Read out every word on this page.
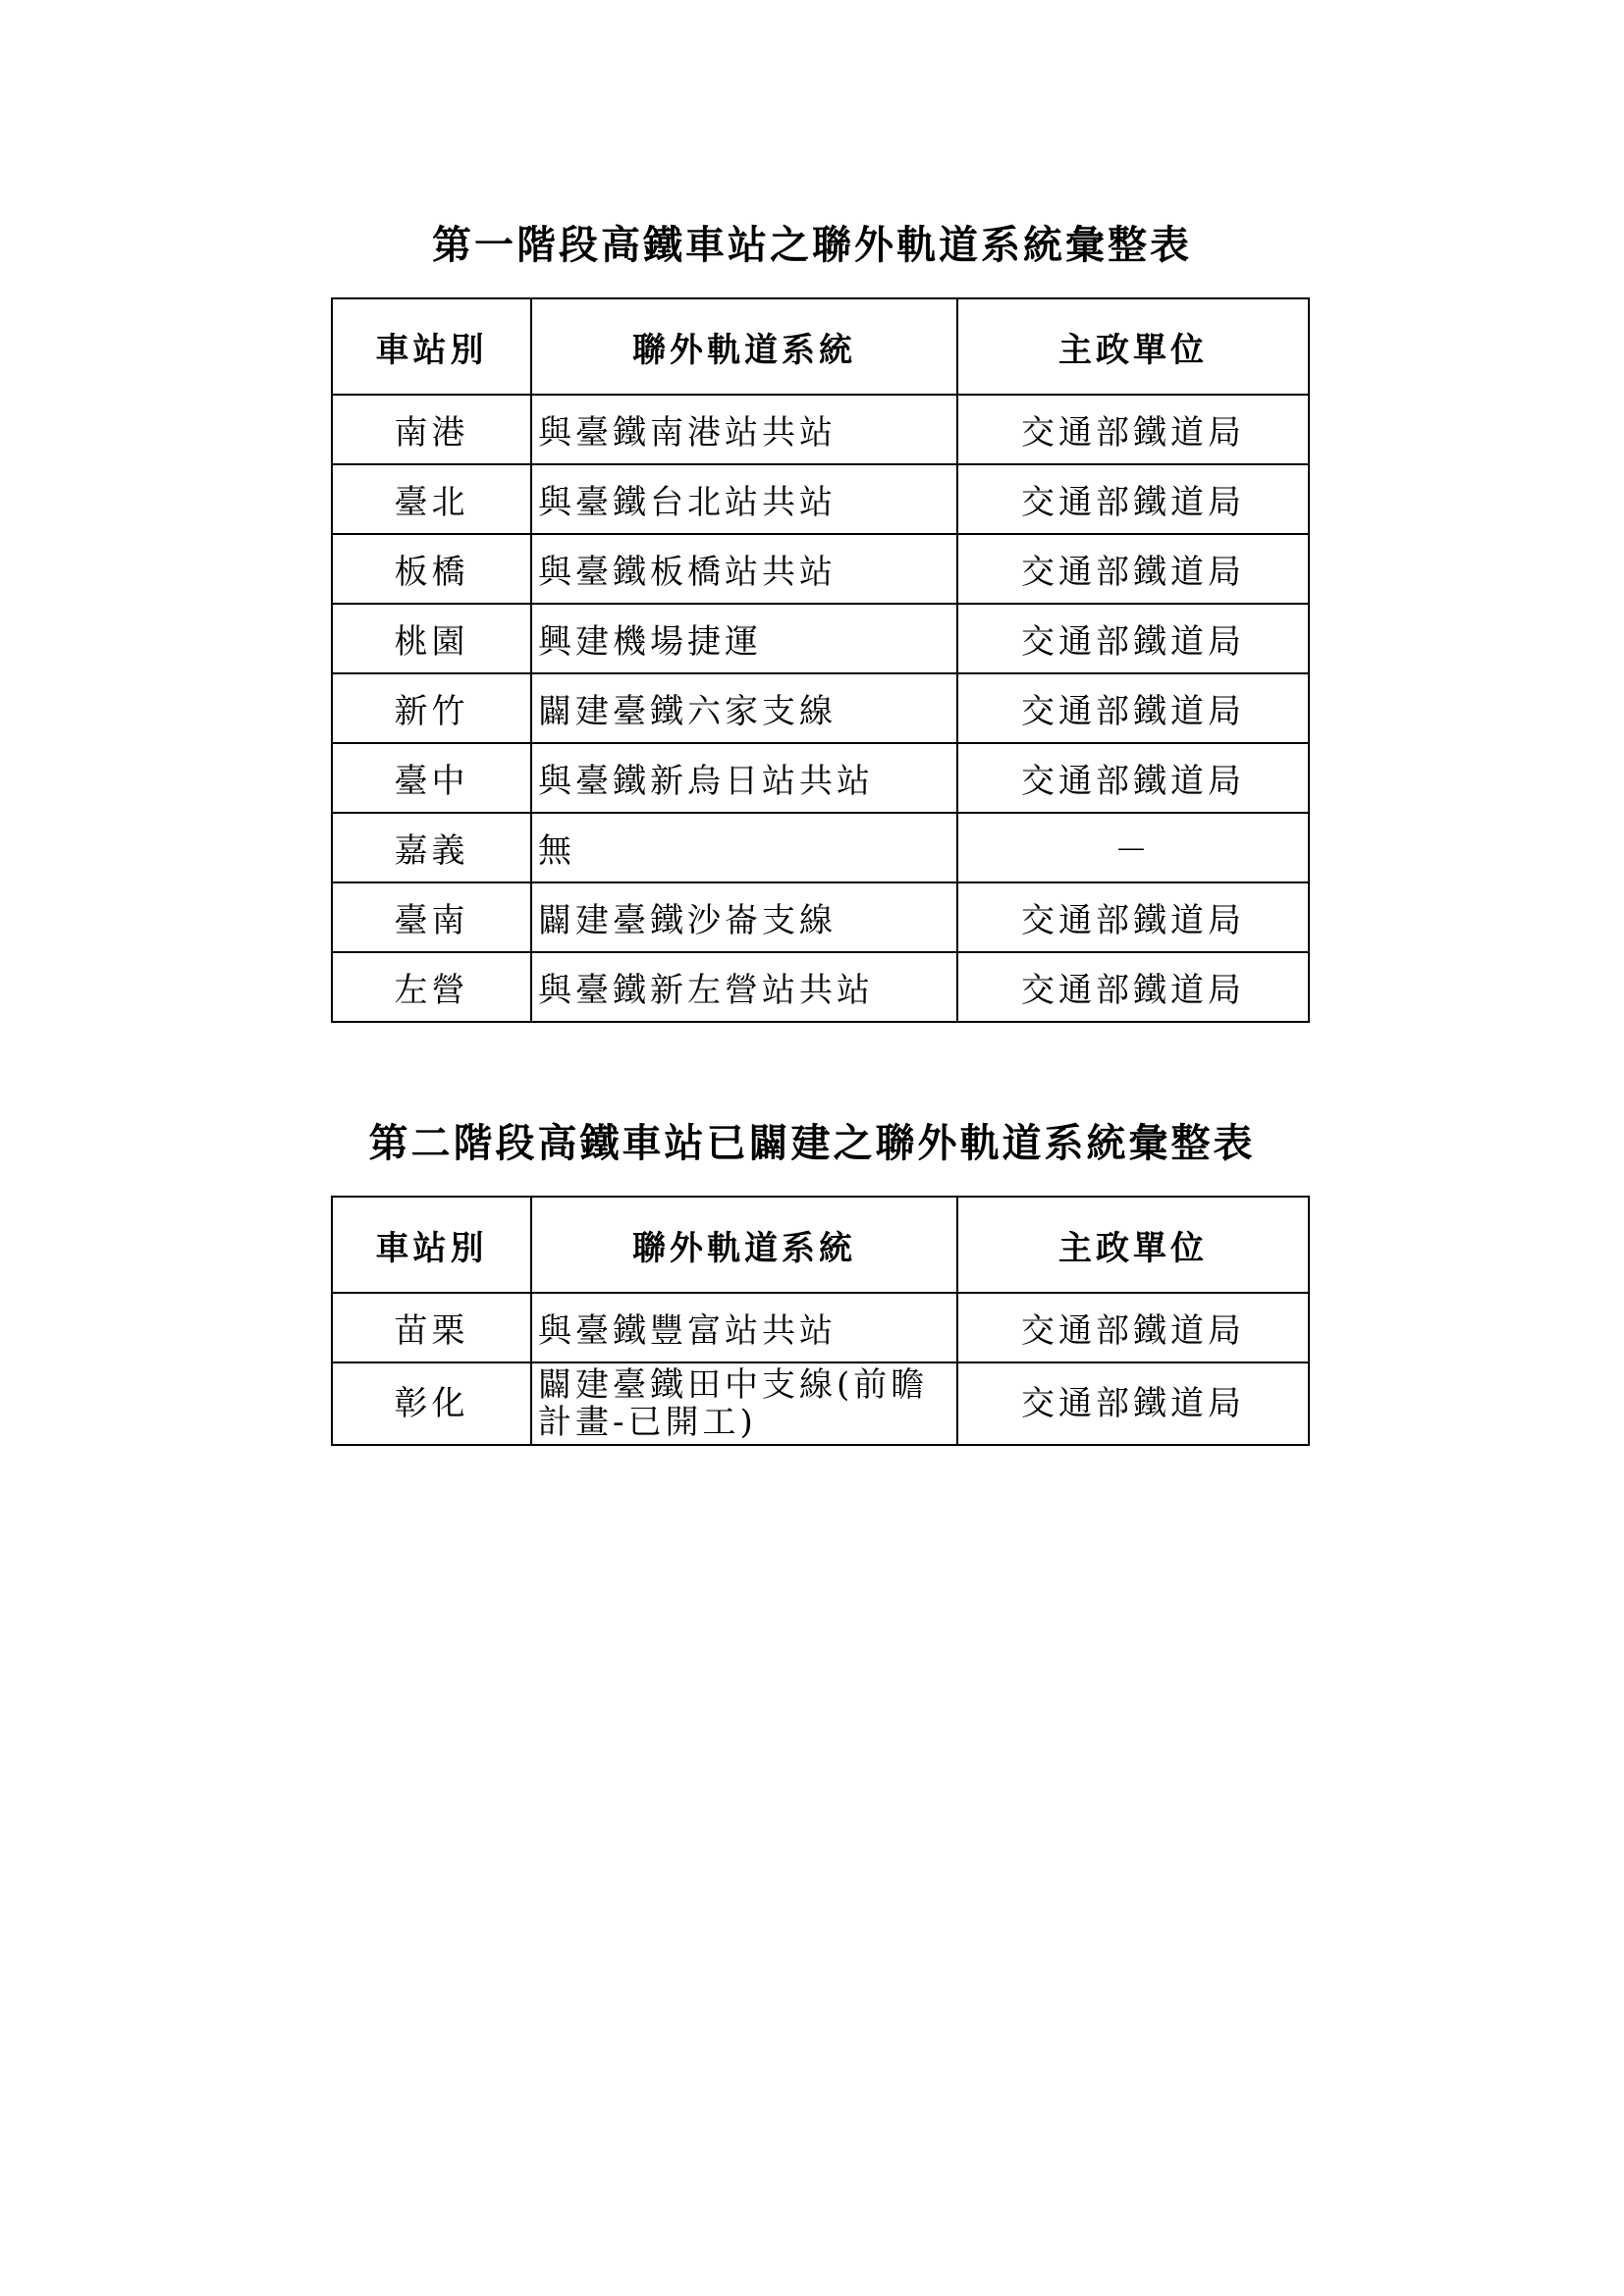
第一階段高鐵車站之聯外軌道系統彙整表
車站別	聯外軌道系統	主政單位
南港	與臺鐵南港站共站	交通部鐵道局
臺北	與臺鐵台北站共站	交通部鐵道局
板橋	與臺鐵板橋站共站	交通部鐵道局
桃園	興建機場捷運	交通部鐵道局
新竹	闢建臺鐵六家支線	交通部鐵道局
臺中	與臺鐵新烏日站共站	交通部鐵道局
嘉義	無	－
臺南	闢建臺鐵沙崙支線	交通部鐵道局
左營	與臺鐵新左營站共站	交通部鐵道局
第二階段高鐵車站已闢建之聯外軌道系統彙整表
車站別	聯外軌道系統	主政單位
苗栗	與臺鐵豐富站共站	交通部鐵道局
彰化	闢建臺鐵田中支線(前瞻計畫-已開工)	交通部鐵道局
